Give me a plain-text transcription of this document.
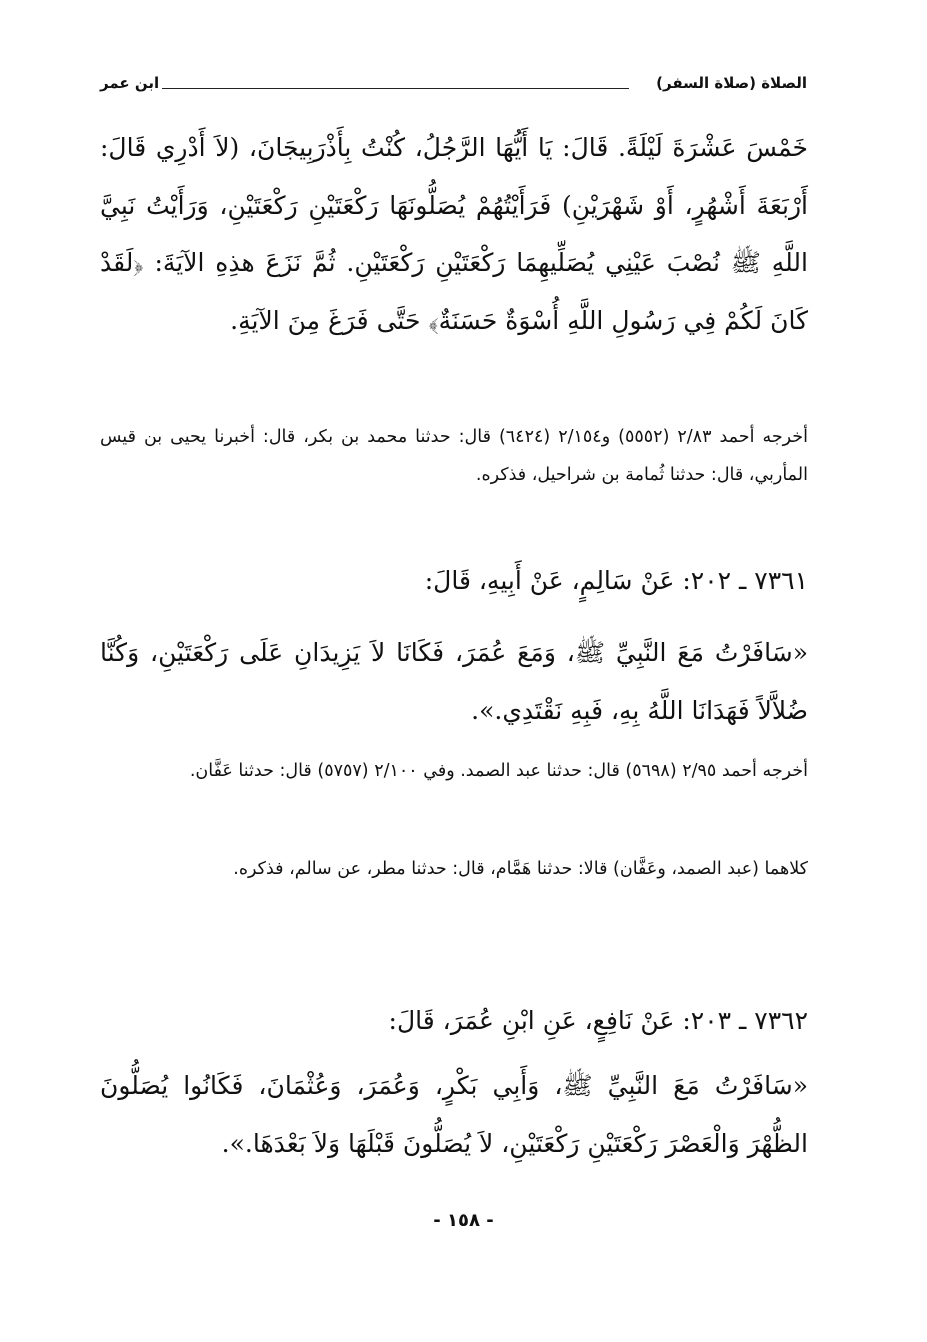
الصلاة (صلاة السفر)
ابن عمر
خَمْسَ عَشْرَةَ لَيْلَةً. قَالَ: يَا أَيُّهَا الرَّجُلُ، كُنْتُ بِأَذْرَبِيجَانَ، (لاَ أَدْرِي قَالَ: أَرْبَعَةَ أَشْهُرٍ، أَوْ شَهْرَيْنِ) فَرَأَيْتُهُمْ يُصَلُّونَهَا رَكْعَتَيْنِ رَكْعَتَيْنِ، وَرَأَيْتُ نَبِيَّ اللَّهِ ﷺ نُصْبَ عَيْنِي يُصَلِّيهِمَا رَكْعَتَيْنِ رَكْعَتَيْنِ. ثُمَّ نَزَعَ هذِهِ الآيَةَ: ﴿لَقَدْ كَانَ لَكُمْ فِي رَسُولِ اللَّهِ أُسْوَةٌ حَسَنَةٌ﴾ حَتَّى فَرَغَ مِنَ الآيَةِ.
أخرجه أحمد ٢/٨٣ (٥٥٥٢) و٢/١٥٤ (٦٤٢٤) قال: حدثنا محمد بن بكر، قال: أخبرنا يحيى بن قيس المأربي، قال: حدثنا ثُمامة بن شراحيل، فذكره.
٧٣٦١ ـ ٢٠٢: عَنْ سَالِمٍ، عَنْ أَبِيهِ، قَالَ:
«سَافَرْتُ مَعَ النَّبِيِّ ﷺ، وَمَعَ عُمَرَ، فَكَانَا لاَ يَزِيدَانِ عَلَى رَكْعَتَيْنِ، وَكُنَّا ضُلاَّلاً فَهَدَانَا اللَّهُ بِهِ، فَبِهِ نَقْتَدِي.».
أخرجه أحمد ٢/٩٥ (٥٦٩٨) قال: حدثنا عبد الصمد. وفي ٢/١٠٠ (٥٧٥٧) قال: حدثنا عَفَّان.
كلاهما (عبد الصمد، وعَفَّان) قالا: حدثنا هَمَّام، قال: حدثنا مطر، عن سالم، فذكره.
٧٣٦٢ ـ ٢٠٣: عَنْ نَافِعٍ، عَنِ ابْنِ عُمَرَ، قَالَ:
«سَافَرْتُ مَعَ النَّبِيِّ ﷺ، وَأَبِي بَكْرٍ، وَعُمَرَ، وَعُثْمَانَ، فَكَانُوا يُصَلُّونَ الظُّهْرَ وَالْعَصْرَ رَكْعَتَيْنِ رَكْعَتَيْنِ، لاَ يُصَلُّونَ قَبْلَهَا وَلاَ بَعْدَهَا.».
- ١٥٨ -
